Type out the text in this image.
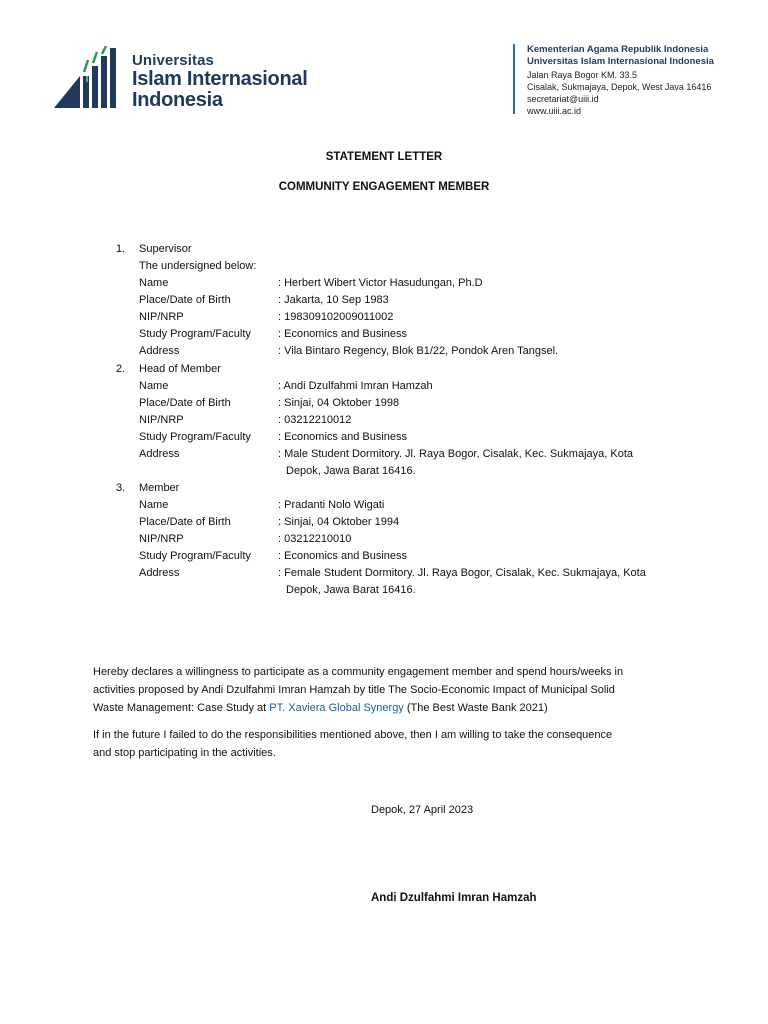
Universitas
Islam Internasional
Indonesia
Kementerian Agama Republik Indonesia
Universitas Islam Internasional Indonesia
Jalan Raya Bogor KM. 33.5
Cisalak, Sukmajaya, Depok, West Java 16416
secretariat@uiii.id
www.uiii.ac.id
STATEMENT LETTER
COMMUNITY ENGAGEMENT MEMBER
1. Supervisor
The undersigned below:
Name	: Herbert Wibert Victor Hasudungan, Ph.D
Place/Date of Birth	: Jakarta, 10 Sep 1983
NIP/NRP	: 198309102009011002
Study Program/Faculty : Economics and Business
Address	: Vila Bintaro Regency, Blok B1/22, Pondok Aren Tangsel.
2. Head of Member
Name	: Andi Dzulfahmi Imran Hamzah
Place/Date of Birth	: Sinjai, 04 Oktober 1998
NIP/NRP	: 03212210012
Study Program/Faculty : Economics and Business
Address	: Male Student Dormitory. Jl. Raya Bogor, Cisalak, Kec. Sukmajaya, Kota
Depok, Jawa Barat 16416.
3. Member
Name	: Pradanti Nolo Wigati
Place/Date of Birth	: Sinjai, 04 Oktober 1994
NIP/NRP	: 03212210010
Study Program/Faculty : Economics and Business
Address	: Female Student Dormitory. Jl. Raya Bogor, Cisalak, Kec. Sukmajaya, Kota
Depok, Jawa Barat 16416.
Hereby declares a willingness to participate as a community engagement member and spend hours/weeks in
activities proposed by Andi Dzulfahmi Imran Hamzah by title The Socio-Economic Impact of Municipal Solid
Waste Management: Case Study at PT. Xaviera Global Synergy (The Best Waste Bank 2021)
If in the future I failed to do the responsibilities mentioned above, then I am willing to take the consequence
and stop participating in the activities.
Depok, 27 April 2023
Andi Dzulfahmi Imran Hamzah
